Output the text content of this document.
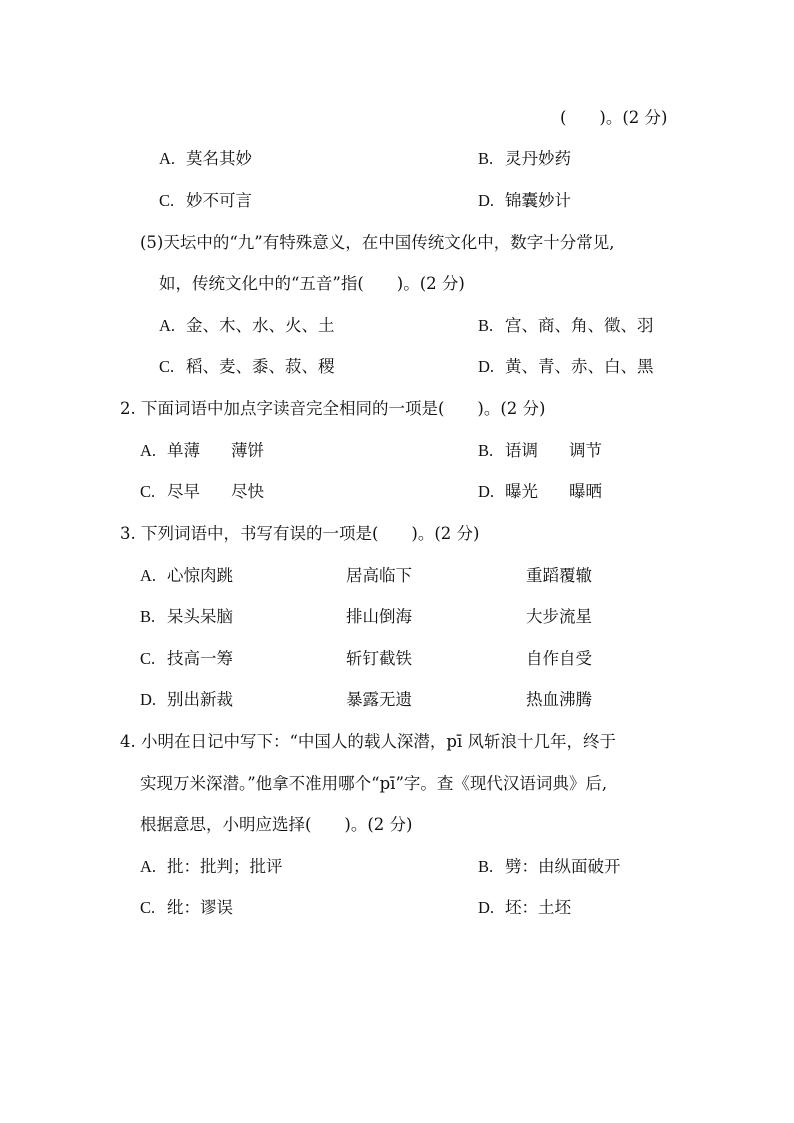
(　　)。(2 分)
A. 莫名其妙	B. 灵丹妙药
C. 妙不可言	D. 锦囊妙计
(5)天坛中的“九”有特殊意义，在中国传统文化中，数字十分常见,
如，传统文化中的“五音”指(　　)。(2 分)
A. 金、木、水、火、土	B. 宫、商、角、徵、羽
C. 稻、麦、黍、菽、稷	D. 黄、青、赤、白、黑
2. 下面词语中加点字读音完全相同的一项是(　　)。(2 分)
A. 单薄 薄饼	B. 语调 调节
C. 尽早 尽快	D. 曝光 曝晒
3. 下列词语中，书写有误的一项是(　　)。(2 分)
A. 心惊肉跳	居高临下	重蹈覆辙
B. 呆头呆脑	排山倒海	大步流星
C. 技高一筹	斩钉截铁	自作自受
D. 别出新裁	暴露无遗	热血沸腾
4. 小明在日记中写下：“中国人的载人深潜，pī 风斩浪十几年，终于
实现万米深潜。”他拿不准用哪个“pī”字。查《现代汉语词典》后,
根据意思，小明应选择(　　)。(2 分)
A. 批：批判；批评	B. 劈：由纵面破开
C. 纰：谬误	D. 坯：土坯
